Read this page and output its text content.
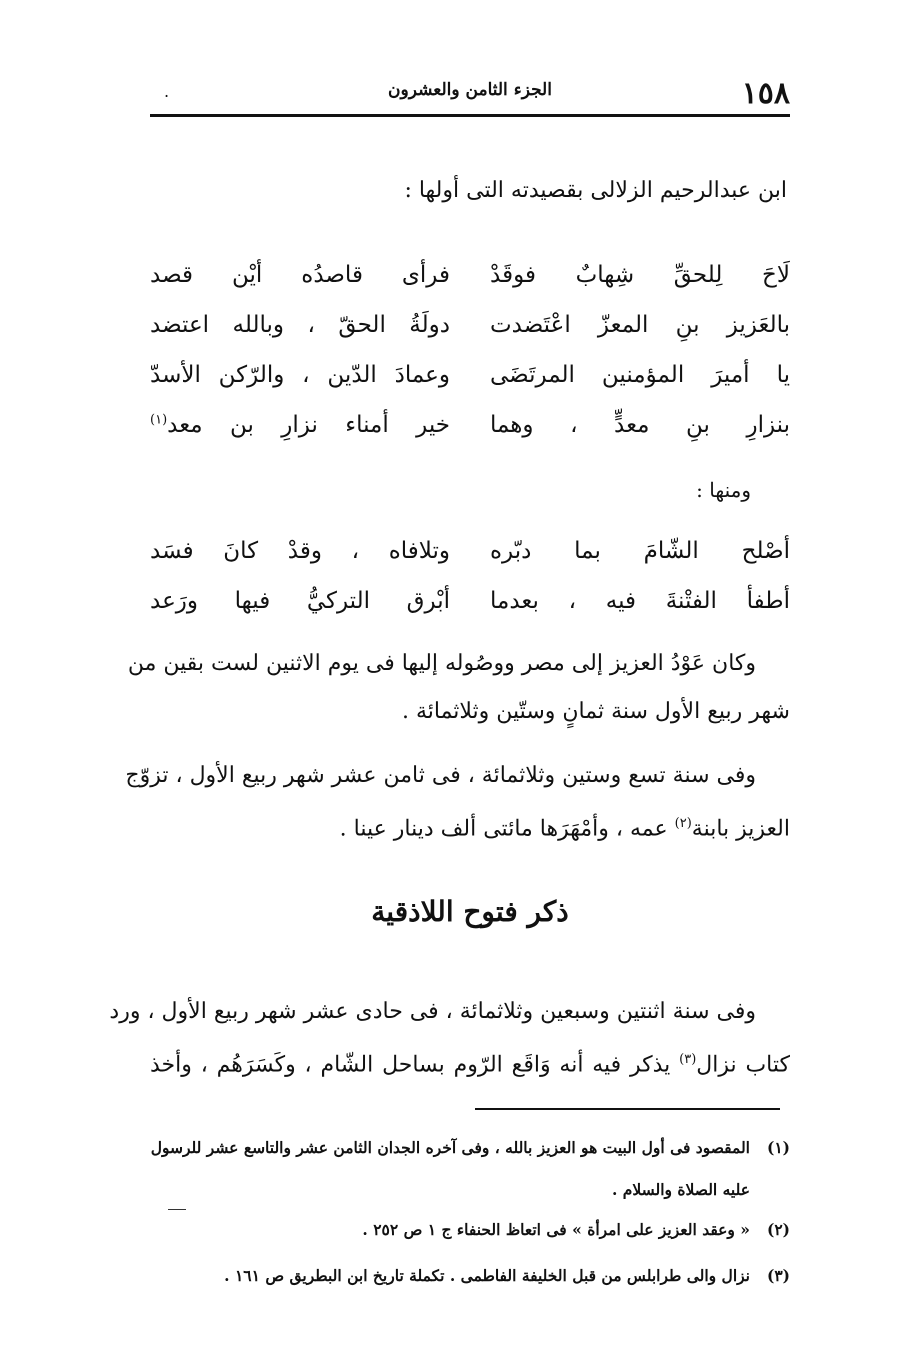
١٥٨
الجزء الثامن والعشرون
.
ابن عبدالرحيم الزلالى بقصيدته التى أولها :
لَاحَ لِلحقِّ شِهابٌ فوقَدْ
فرأى قاصدُه أيْن قصد
بالعَزيز بنِ المعزّ اعْتَضدت
دولَةُ الحقّ ، وبالله اعتضد
يا أميرَ المؤمنين المرتَضَى
وعمادَ الدّين ، والرّكن الأسدّ
بنزارِ بنِ معدٍّ ، وهما
خير أمناء نزارِ بن معد$^{(١)}$
ومنها :
أصْلح الشّامَ بما دبّره
وتلافاه ، وقدْ كانَ فسَد
أطفأ الفتْنةَ فيه ، بعدما
أبْرق التركيُّ فيها ورَعد
وكان عَوْدُ العزيز إلى مصر ووصُوله إليها فى يوم الاثنين لست بقين من
شهر ربيع الأول سنة ثمانٍ وستّين وثلاثمائة .
وفى سنة تسع وستين وثلاثمائة ، فى ثامن عشر شهر ربيع الأول ، تزوّج
العزيز بابنة$^{(٢)}$ عمه ، وأمْهَرَها مائتى ألف دينار عينا .
ذكر فتوح اللاذقية
وفى سنة اثنتين وسبعين وثلاثمائة ، فى حادى عشر شهر ربيع الأول ، ورد
كتاب نزال$^{(٣)}$ يذكر فيه أنه وَاقَع الرّوم بساحل الشّام ، وكَسَرَهُم ، وأخذ
(١)
المقصود فى أول البيت هو العزيز بالله ، وفى آخره الجدان الثامن عشر والتاسع عشر للرسول
عليه الصلاة والسلام .
(٢)
« وعقد العزيز على امرأة » فى اتعاظ الحنفاء ج ١ ص ٢٥٢ .
(٣)
نزال والى طرابلس من قبل الخليفة الفاطمى . تكملة تاريخ ابن البطريق ص ١٦١ .
